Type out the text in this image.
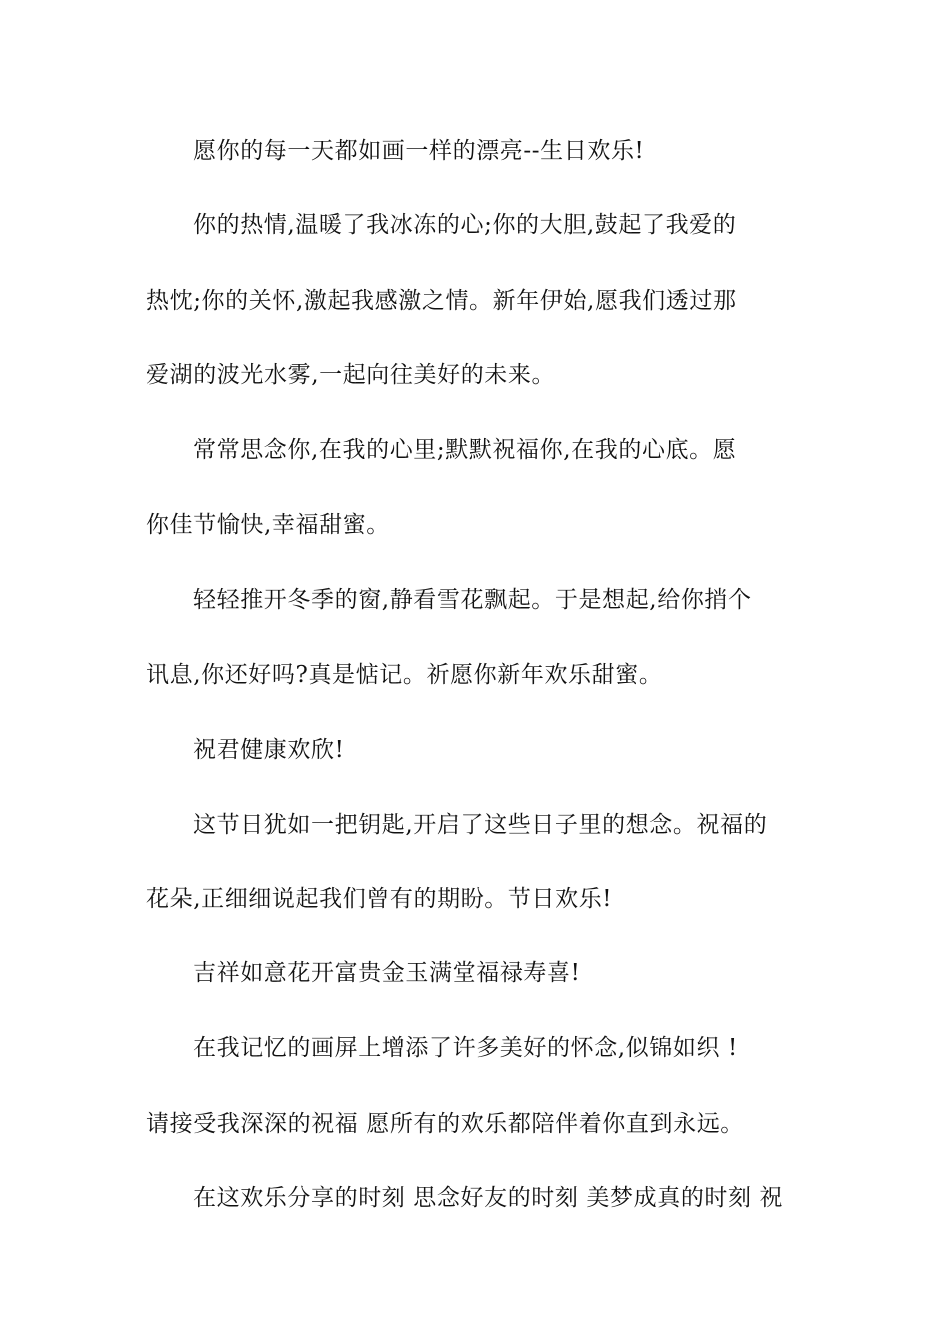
愿你的每一天都如画一样的漂亮--生日欢乐!
你的热情,温暖了我冰冻的心;你的大胆,鼓起了我爱的
热忱;你的关怀,激起我感激之情。新年伊始,愿我们透过那
爱湖的波光水雾,一起向往美好的未来。
常常思念你,在我的心里;默默祝福你,在我的心底。愿
你佳节愉快,幸福甜蜜。
轻轻推开冬季的窗,静看雪花飘起。于是想起,给你捎个
讯息,你还好吗?真是惦记。祈愿你新年欢乐甜蜜。
祝君健康欢欣!
这节日犹如一把钥匙,开启了这些日子里的想念。祝福的
花朵,正细细说起我们曾有的期盼。节日欢乐!
吉祥如意花开富贵金玉满堂福禄寿喜!
在我记忆的画屏上增添了许多美好的怀念,似锦如织 !
请接受我深深的祝福 愿所有的欢乐都陪伴着你直到永远。
在这欢乐分享的时刻 思念好友的时刻 美梦成真的时刻 祝
